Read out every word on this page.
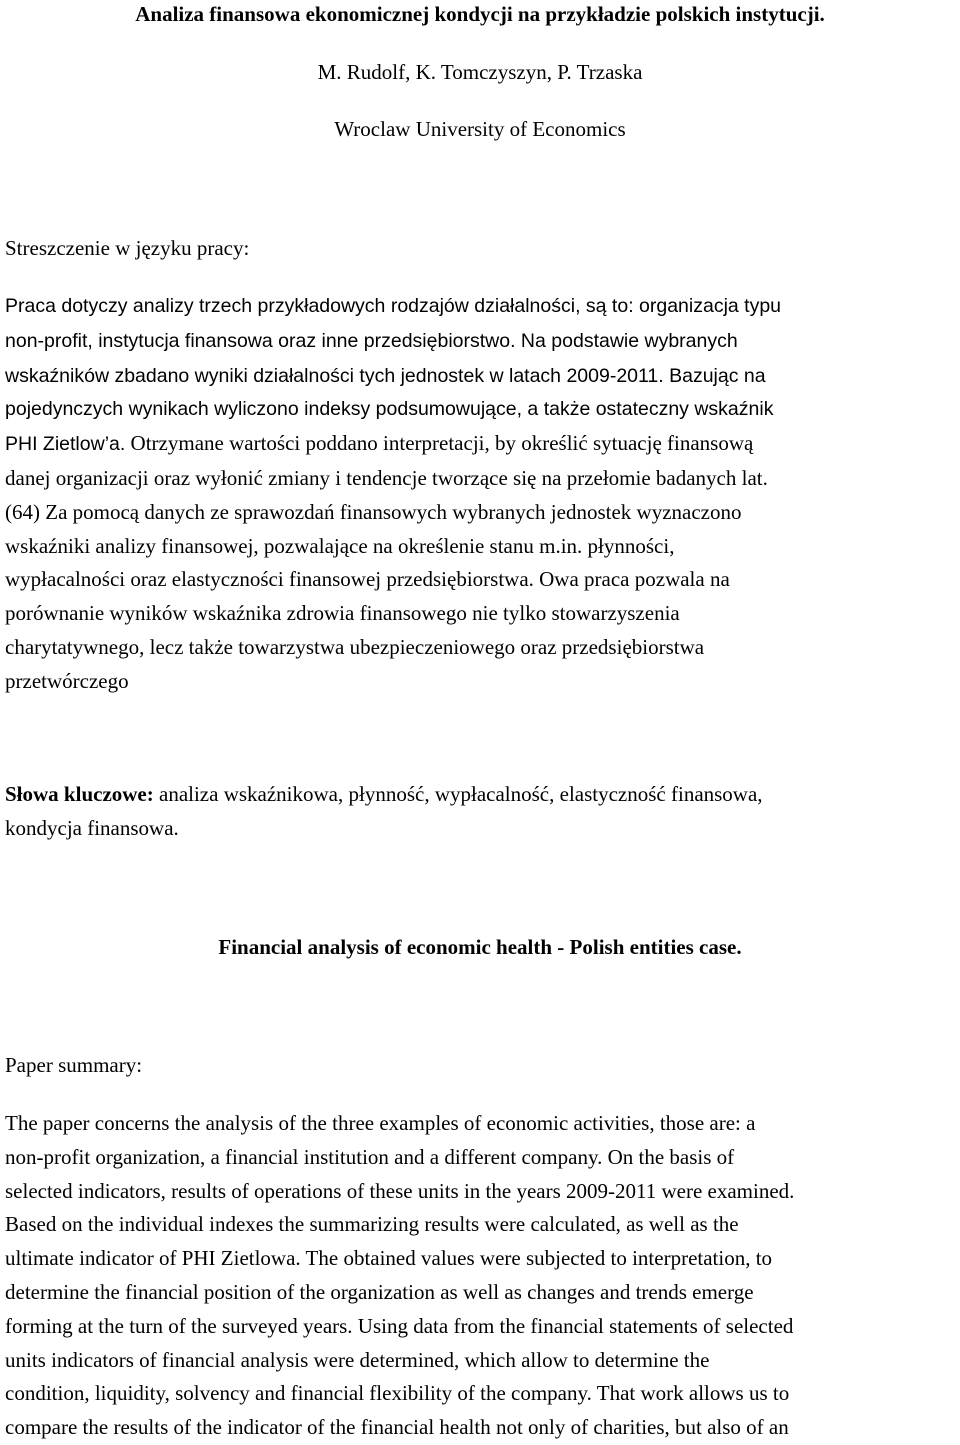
Analiza finansowa ekonomicznej kondycji na przykładzie polskich instytucji.
M. Rudolf, K. Tomczyszyn, P. Trzaska
Wroclaw University of Economics
Streszczenie w języku pracy:
Praca dotyczy analizy trzech przykładowych rodzajów działalności, są to: organizacja typu
non-profit, instytucja finansowa oraz inne przedsiębiorstwo. Na podstawie wybranych
wskaźników zbadano wyniki działalności tych jednostek w latach 2009-2011. Bazując na
pojedynczych wynikach wyliczono indeksy podsumowujące, a także ostateczny wskaźnik
PHI Zietlow’a. Otrzymane wartości poddano interpretacji, by określić sytuację finansową
danej organizacji oraz wyłonić zmiany i tendencje tworzące się na przełomie badanych lat.
(64) Za pomocą danych ze sprawozdań finansowych wybranych jednostek wyznaczono
wskaźniki analizy finansowej, pozwalające na określenie stanu m.in. płynności,
wypłacalności oraz elastyczności finansowej przedsiębiorstwa. Owa praca pozwala na
porównanie wyników wskaźnika zdrowia finansowego nie tylko stowarzyszenia
charytatywnego, lecz także towarzystwa ubezpieczeniowego oraz przedsiębiorstwa
przetwórczego
Słowa kluczowe: analiza wskaźnikowa, płynność, wypłacalność, elastyczność finansowa,
kondycja finansowa.
Financial analysis of economic health - Polish entities case.
Paper summary:
The paper concerns the analysis of the three examples of economic activities, those are: a
non-profit organization, a financial institution and a different company. On the basis of
selected indicators, results of operations of these units in the years 2009-2011 were examined.
Based on the individual indexes the summarizing results were calculated, as well as the
ultimate indicator of PHI Zietlowa. The obtained values were subjected to interpretation, to
determine the financial position of the organization as well as changes and trends emerge
forming at the turn of the surveyed years. Using data from the financial statements of selected
units indicators of financial analysis were determined, which allow to determine the
condition, liquidity, solvency and financial flexibility of the company. That work allows us to
compare the results of the indicator of the financial health not only of charities, but also of an
